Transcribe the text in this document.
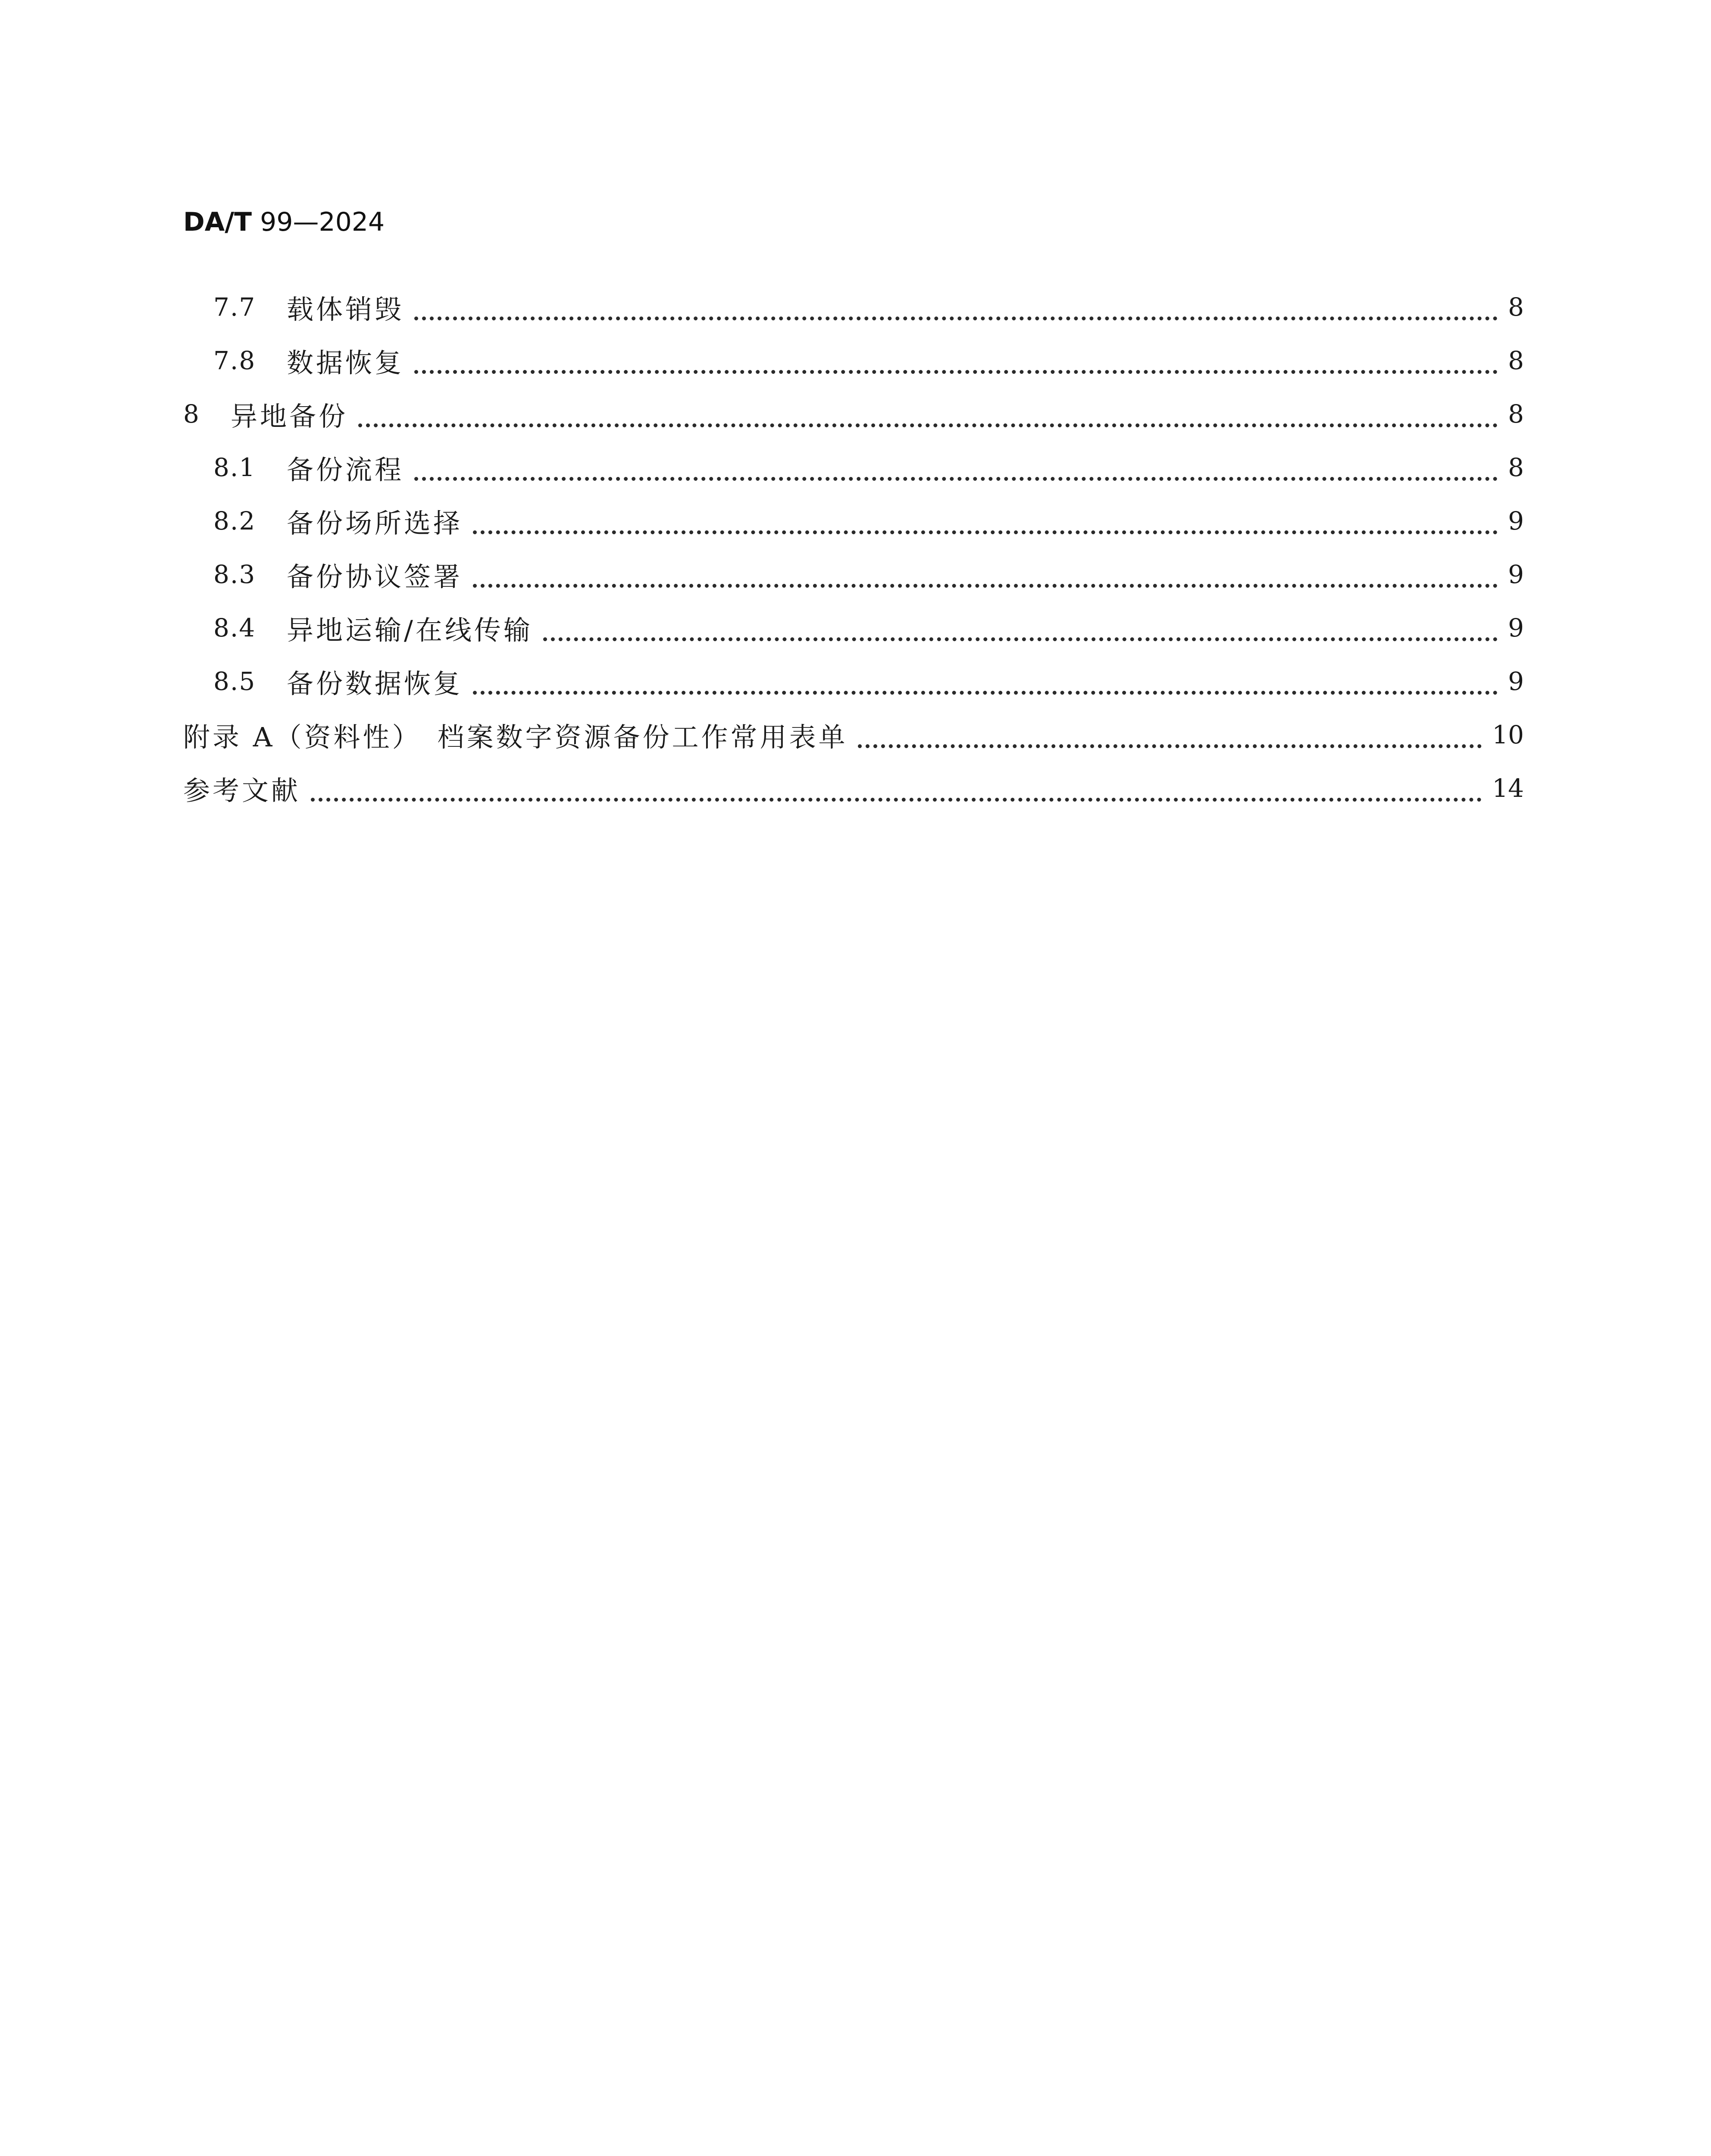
DA/T 99—2024
7.7	载体销毁	8
7.8	数据恢复	8
8	异地备份	8
8.1	备份流程	8
8.2	备份场所选择	9
8.3	备份协议签署	9
8.4	异地运输/在线传输	9
8.5	备份数据恢复	9
附录 A（资料性）　档案数字资源备份工作常用表单	10
参考文献	14
